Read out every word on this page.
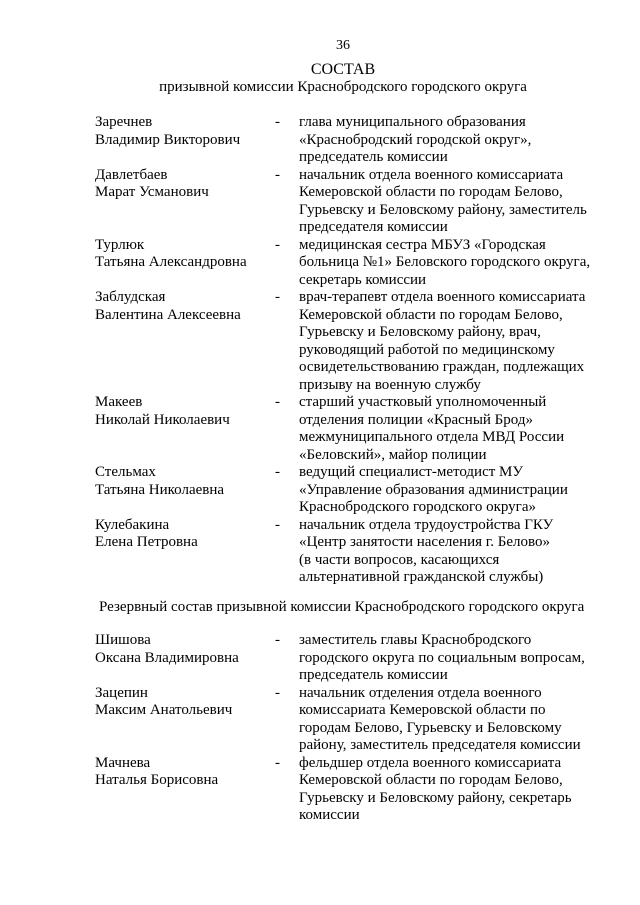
36
СОСТАВ
призывной комиссии Краснобродского городского округа
Заречнев
Владимир Викторович
-	глава муниципального образования
«Краснобродский городской округ»,
председатель комиссии
Давлетбаев
Марат Усманович
-	начальник отдела военного комиссариата
Кемеровской области по городам Белово,
Гурьевску и Беловскому району, заместитель
председателя комиссии
Турлюк
Татьяна Александровна
-	медицинская сестра МБУЗ «Городская
больница №1» Беловского городского округа,
секретарь комиссии
Заблудская
Валентина Алексеевна
-	врач-терапевт отдела военного комиссариата
Кемеровской области по городам Белово,
Гурьевску и Беловскому району, врач,
руководящий работой по медицинскому
освидетельствованию граждан, подлежащих
призыву на военную службу
Макеев
Николай Николаевич
-	старший участковый уполномоченный
отделения полиции «Красный Брод»
межмуниципального отдела МВД России
«Беловский», майор полиции
Стельмах
Татьяна Николаевна
-	ведущий специалист-методист МУ
«Управление образования администрации
Краснобродского городского округа»
Кулебакина
Елена Петровна
-	начальник отдела трудоустройства ГКУ
«Центр занятости населения г. Белово»
(в части вопросов, касающихся
альтернативной гражданской службы)
Резервный состав призывной комиссии Краснобродского городского округа
Шишова
Оксана Владимировна
-	заместитель главы Краснобродского
городского округа по социальным вопросам,
председатель комиссии
Зацепин
Максим Анатольевич
-	начальник отделения отдела военного
комиссариата Кемеровской области по
городам Белово, Гурьевску и Беловскому
району, заместитель председателя комиссии
Мачнева
Наталья Борисовна
-	фельдшер отдела военного комиссариата
Кемеровской области по городам Белово,
Гурьевску и Беловскому району, секретарь
комиссии
